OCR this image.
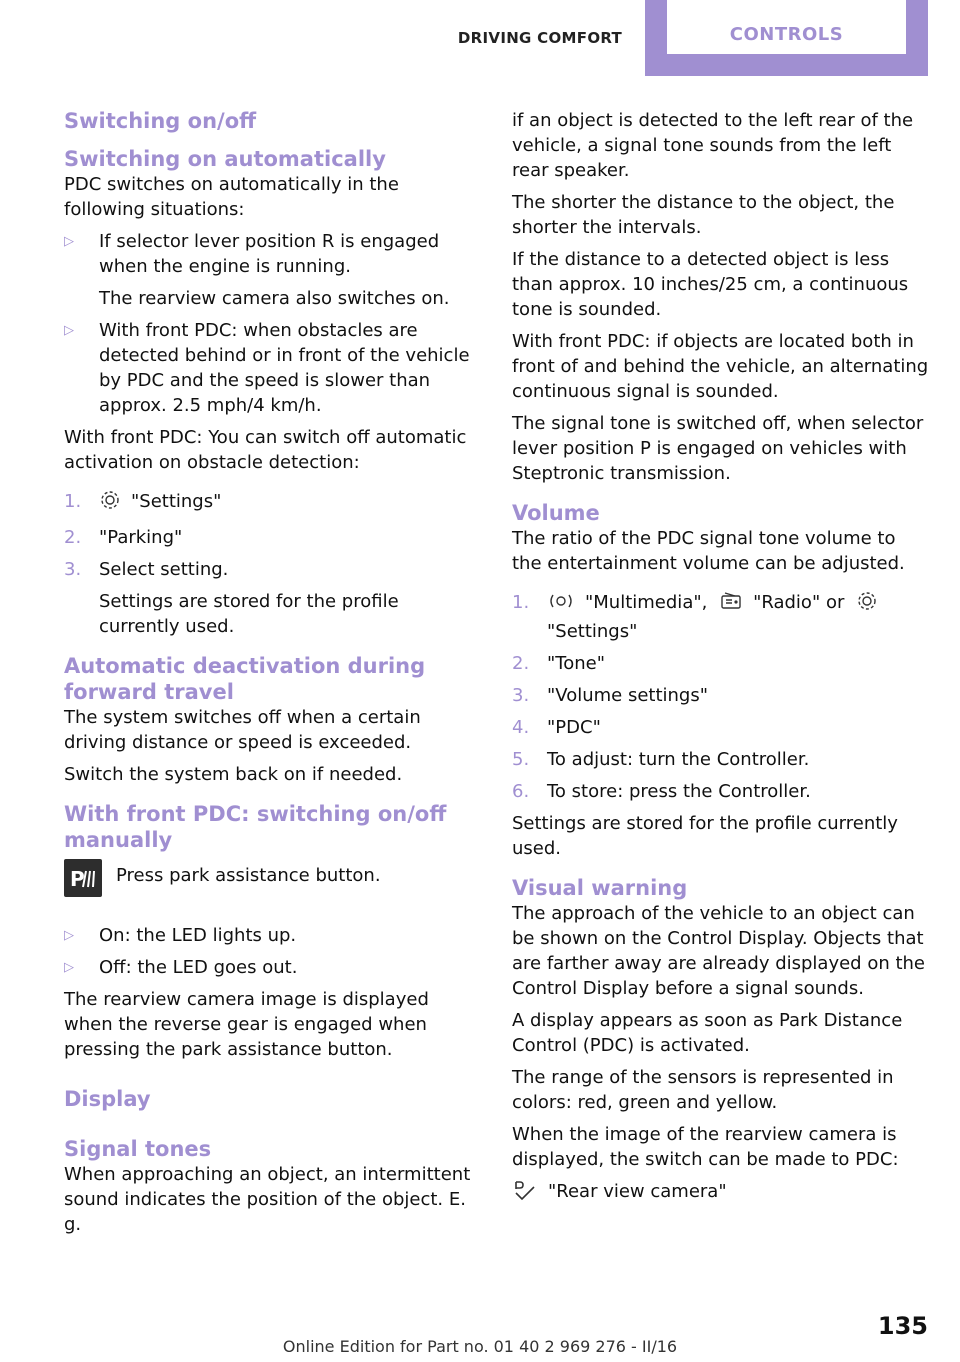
DRIVING COMFORT	CONTROLS
Switching on/off
Switching on automatically

PDC switches on automatically in the following situations:

▷ If selector lever position R is engaged when the engine is running.
The rearview camera also switches on.
▷ With front PDC: when obstacles are detected behind or in front of the vehicle by PDC and the speed is slower than approx. 2.5 mph/4 km/h.

With front PDC: You can switch off automatic activation on obstacle detection:

1.	"Settings"
2. "Parking"
3. Select setting.
Settings are stored for the profile currently used.
Automatic deactivation during forward travel

The system switches off when a certain driving distance or speed is exceeded.

Switch the system back on if needed.

With front PDC: switching on/off manually
P Press park assistance button.
▷ On: the LED lights up.
▷ Off: the LED goes out.

The rearview camera image is displayed when the reverse gear is engaged when pressing the park assistance button.

Display
Signal tones

When approaching an object, an intermittent sound indicates the position of the object. E. g.

if an object is detected to the left rear of the vehicle, a signal tone sounds from the left rear speaker.

The shorter the distance to the object, the shorter the intervals.

If the distance to a detected object is less than approx. 10 inches/25 cm, a continuous tone is sounded.

With front PDC: if objects are located both in front of and behind the vehicle, an alternating continuous signal is sounded.

The signal tone is switched off, when selector lever position P is engaged on vehicles with Steptronic transmission.

Volume

The ratio of the PDC signal tone volume to the entertainment volume can be adjusted.

1.	"Multimedia",	"Radio" or
"Settings"
2. "Tone"
3. "Volume settings"
4. "PDC"
5. To adjust: turn the Controller.
6. To store: press the Controller.

Settings are stored for the profile currently used.

Visual warning

The approach of the vehicle to an object can be shown on the Control Display. Objects that are farther away are already displayed on the Control Display before a signal sounds.

A display appears as soon as Park Distance Control (PDC) is activated.

The range of the sensors is represented in colors: red, green and yellow.

When the image of the rearview camera is displayed, the switch can be made to PDC:

"Rear view camera"

135
Online Edition for Part no. 01 40 2 969 276 - II/16
